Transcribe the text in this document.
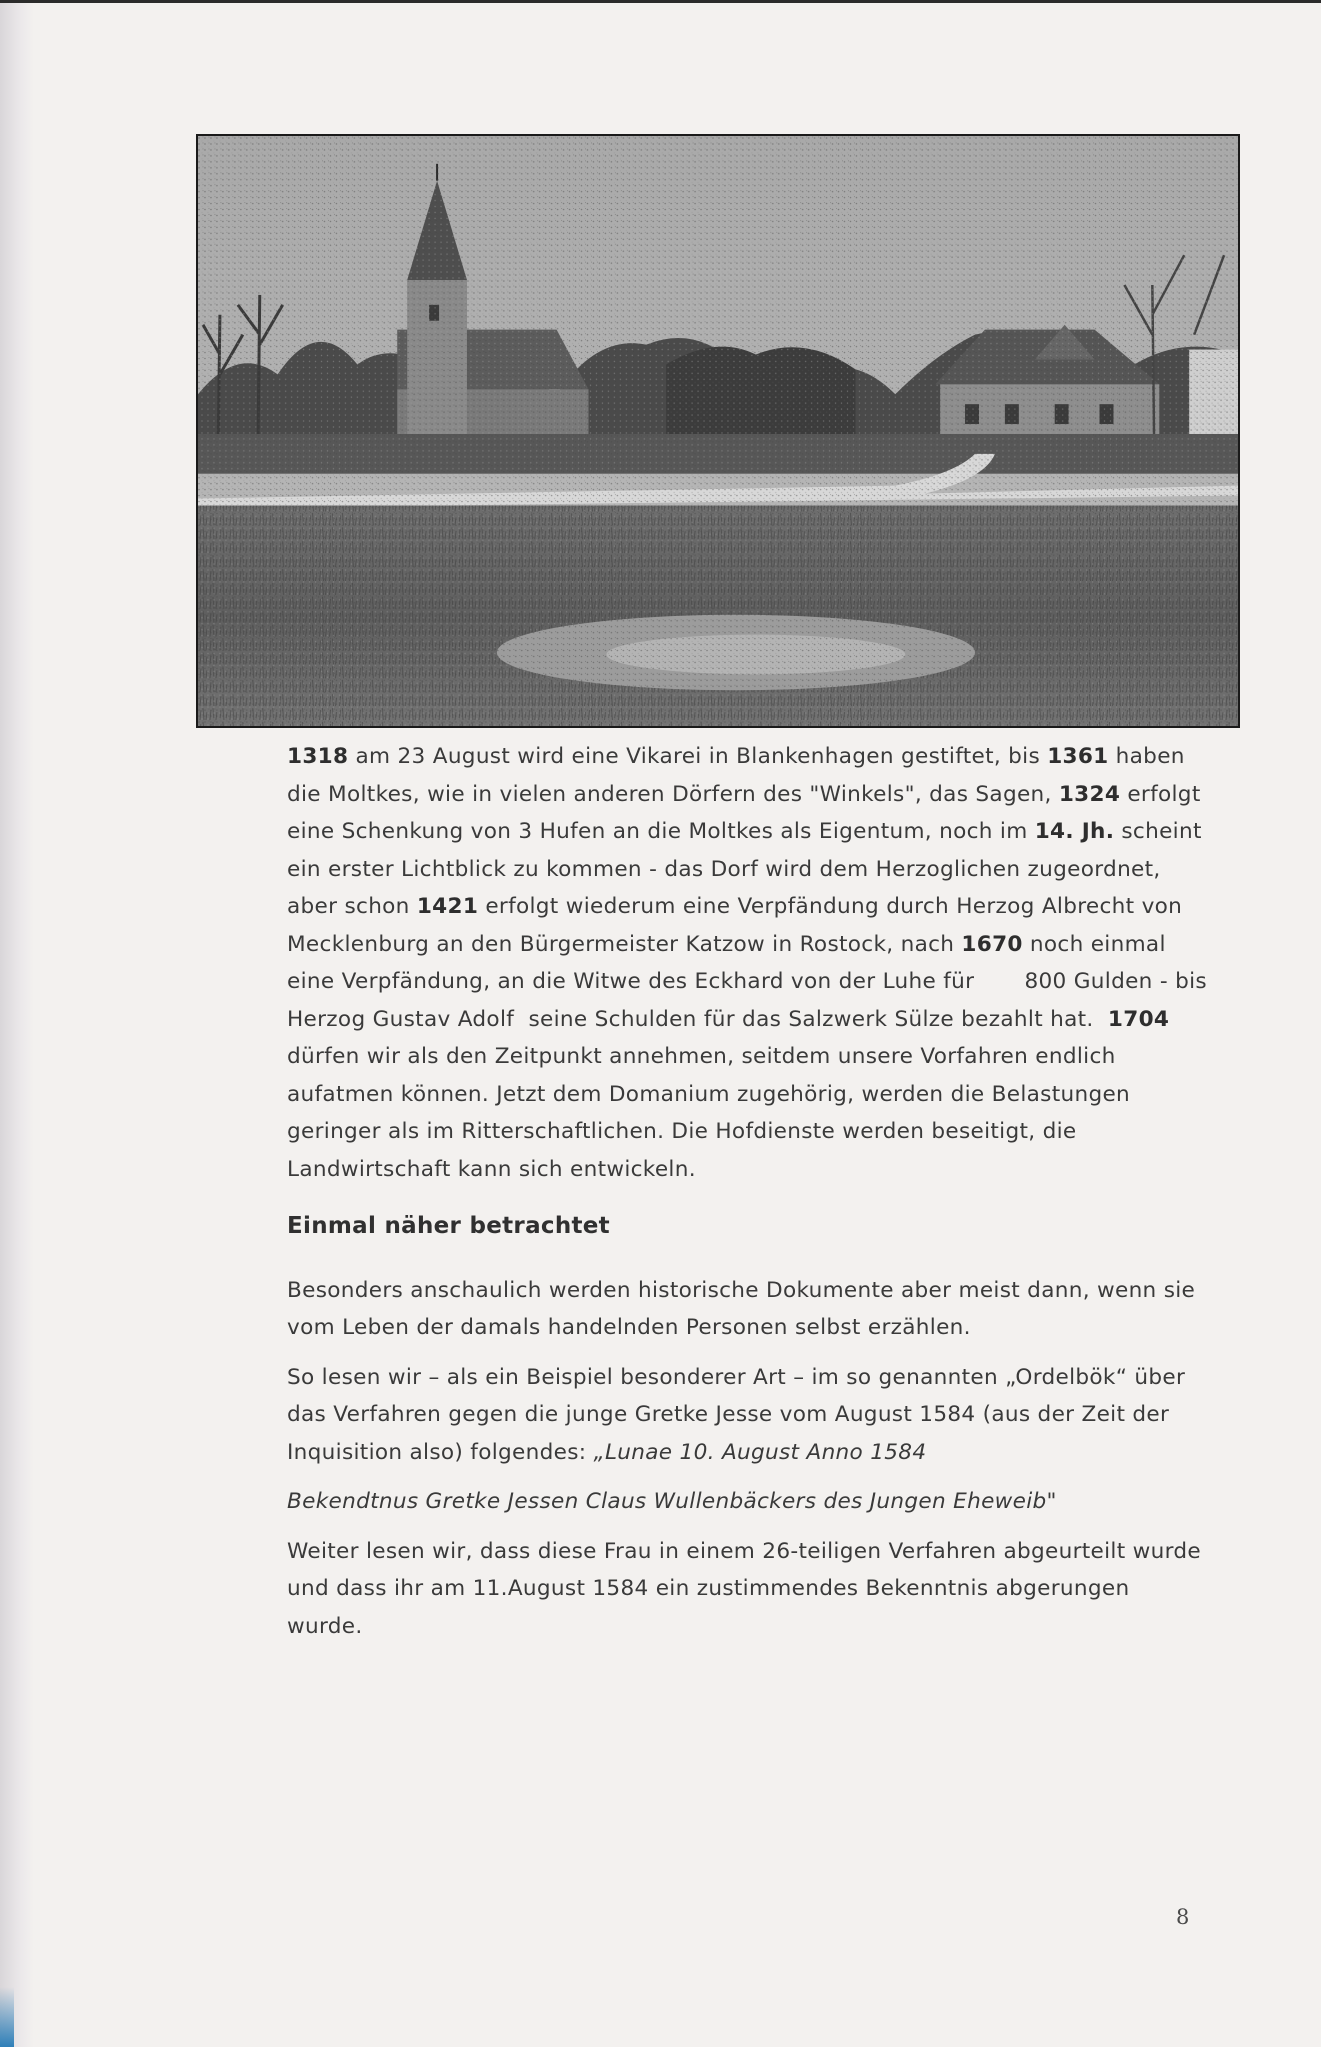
1318 am 23 August wird eine Vikarei in Blankenhagen gestiftet, bis 1361 haben die Moltkes, wie in vielen anderen Dörfern des "Winkels", das Sagen, 1324 erfolgt eine Schenkung von 3 Hufen an die Moltkes als Eigentum, noch im 14. Jh. scheint ein erster Lichtblick zu kommen - das Dorf wird dem Herzoglichen zugeordnet, aber schon 1421 erfolgt wiederum eine Verpfändung durch Herzog Albrecht von Mecklenburg an den Bürgermeister Katzow in Rostock, nach 1670 noch einmal eine Verpfändung, an die Witwe des Eckhard von der Luhe für       800 Gulden - bis Herzog Gustav Adolf  seine Schulden für das Salzwerk Sülze bezahlt hat.  1704 dürfen wir als den Zeitpunkt annehmen, seitdem unsere Vorfahren endlich aufatmen können. Jetzt dem Domanium zugehörig, werden die Belastungen geringer als im Ritterschaftlichen. Die Hofdienste werden beseitigt, die Landwirtschaft kann sich entwickeln.

Einmal näher betrachtet

Besonders anschaulich werden historische Dokumente aber meist dann, wenn sie vom Leben der damals handelnden Personen selbst erzählen.

So lesen wir – als ein Beispiel besonderer Art – im so genannten „Ordelbök“ über das Verfahren gegen die junge Gretke Jesse vom August 1584 (aus der Zeit der Inquisition also) folgendes: „Lunae 10. August Anno 1584

Bekendtnus Gretke Jessen Claus Wullenbäckers des Jungen Eheweib"

Weiter lesen wir, dass diese Frau in einem 26-teiligen Verfahren abgeurteilt wurde und dass ihr am 11.August 1584 ein zustimmendes Bekenntnis abgerungen wurde.

8
